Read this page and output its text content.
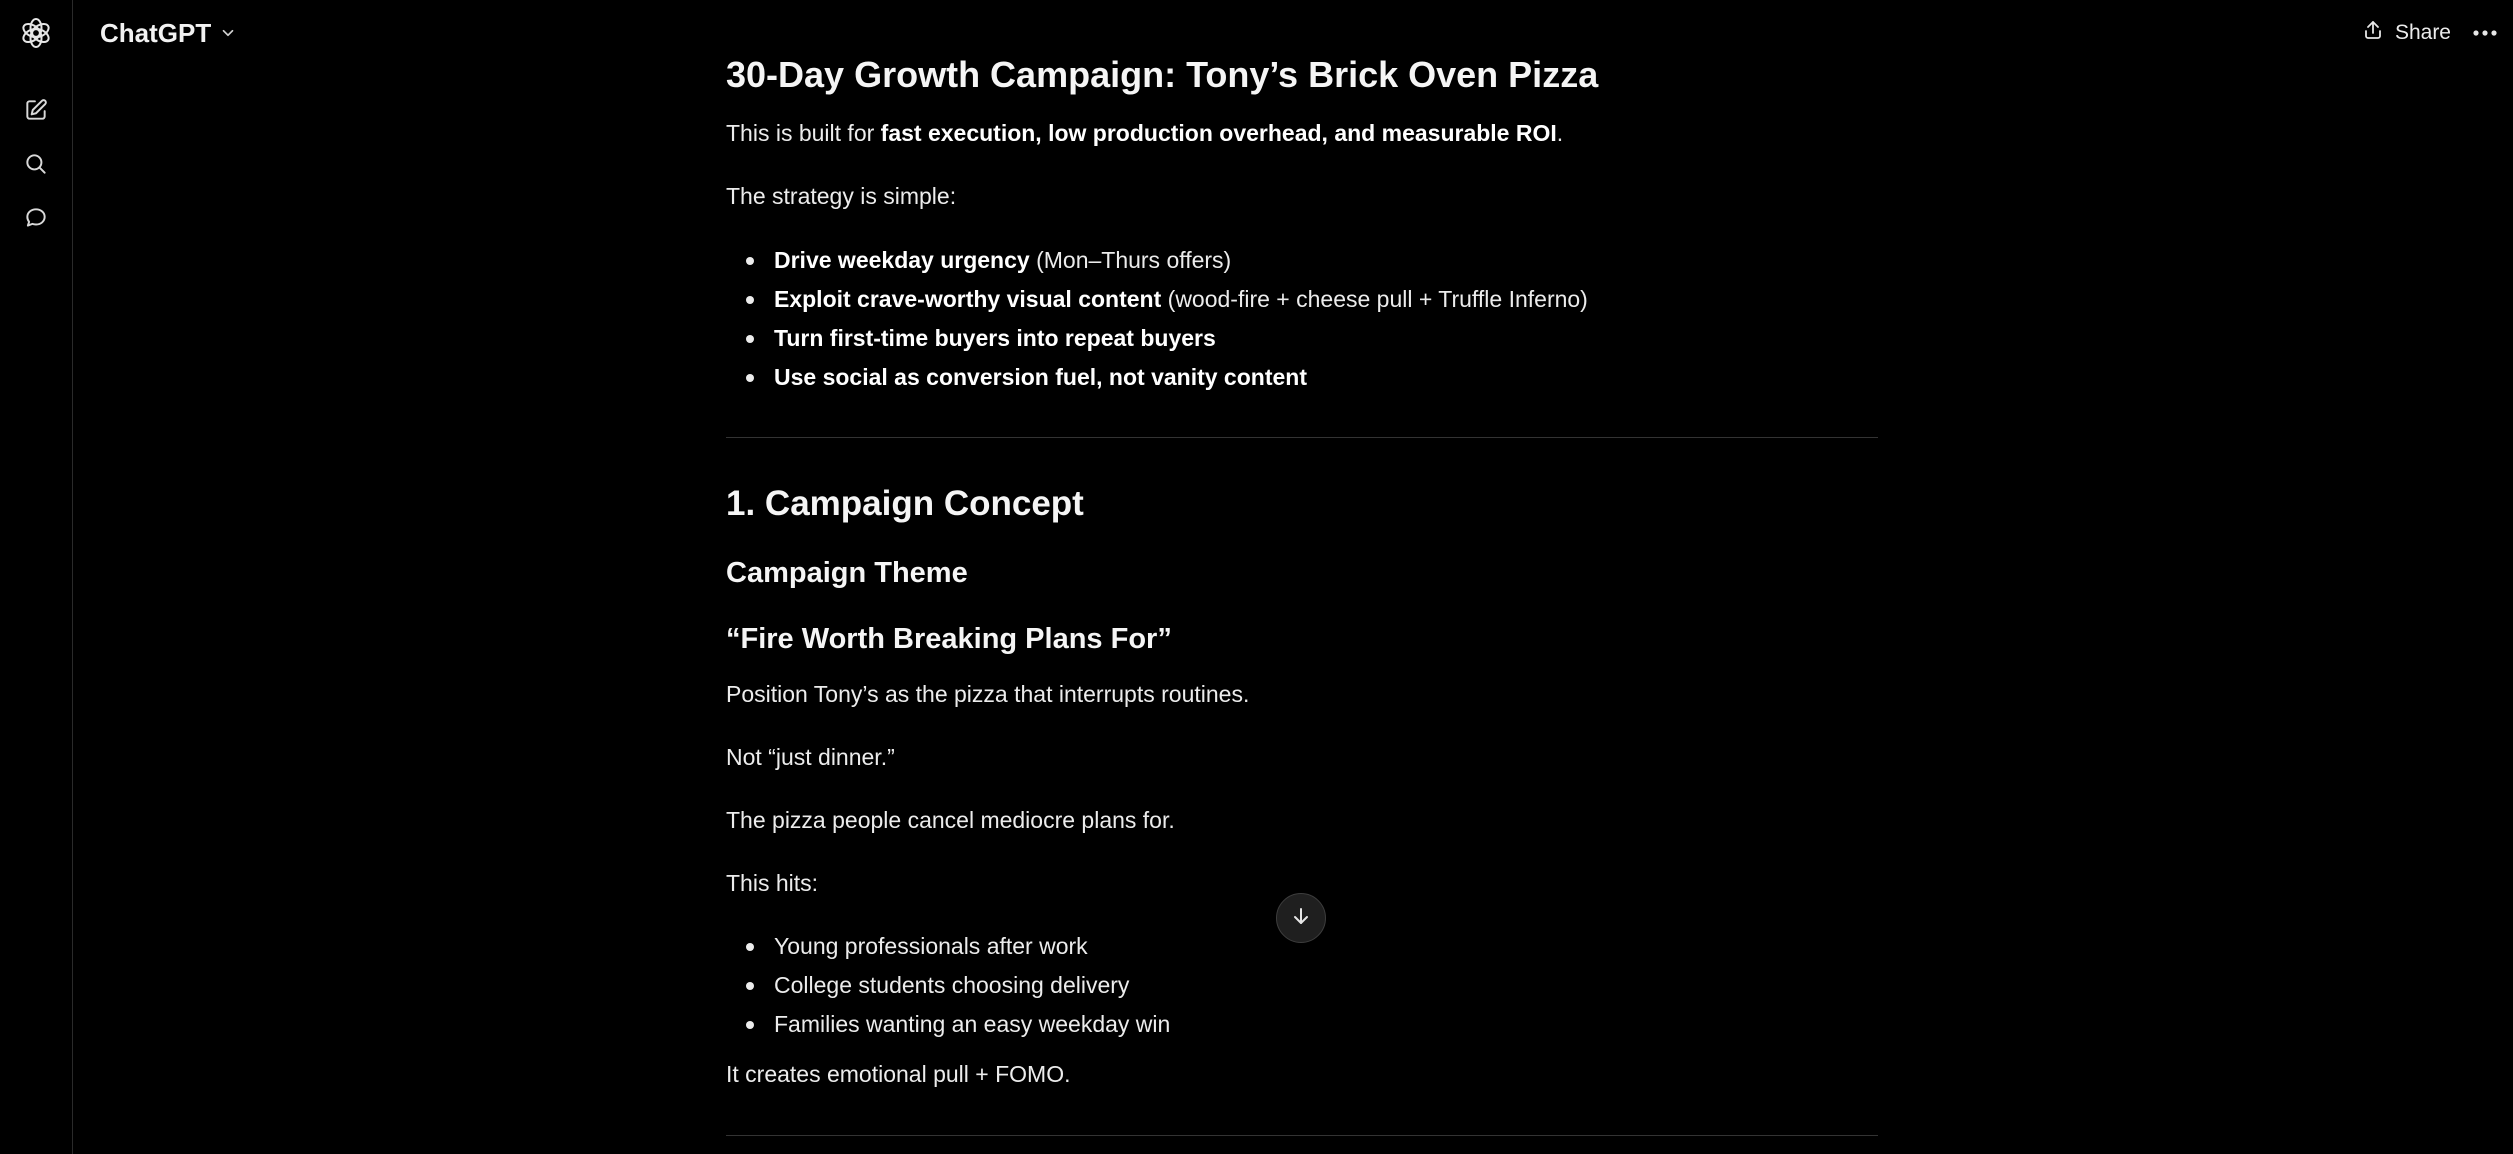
ChatGPT	Share
30-Day Growth Campaign: Tony’s Brick Oven Pizza

This is built for fast execution, low production overhead, and measurable ROI.

The strategy is simple:

Drive weekday urgency (Mon–Thurs offers)
Exploit crave-worthy visual content (wood-fire + cheese pull + Truffle Inferno)
Turn first-time buyers into repeat buyers
Use social as conversion fuel, not vanity content
1. Campaign Concept
Campaign Theme
“Fire Worth Breaking Plans For”

Position Tony’s as the pizza that interrupts routines.

Not “just dinner.”

The pizza people cancel mediocre plans for.

This hits:

Young professionals after work
College students choosing delivery
Families wanting an easy weekday win

It creates emotional pull + FOMO.
